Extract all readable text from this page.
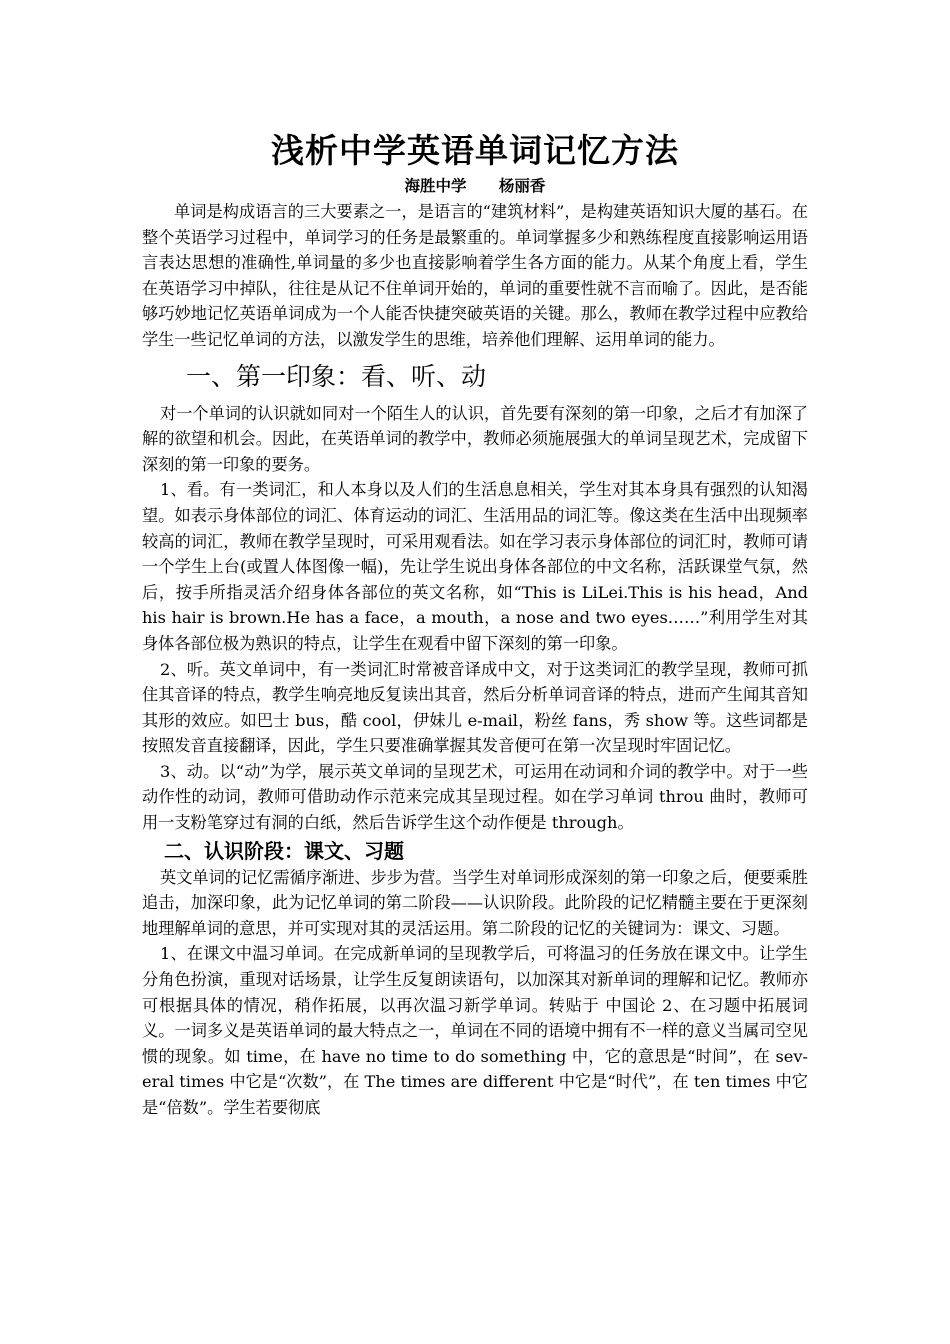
浅析中学英语单词记忆方法

海胜中学      杨丽香

单词是构成语言的三大要素之一，是语言的“建筑材料”，是构建英语知识大厦的基石。在整个英语学习过程中，单词学习的任务是最繁重的。单词掌握多少和熟练程度直接影响运用语言表达思想的准确性,单词量的多少也直接影响着学生各方面的能力。从某个角度上看，学生在英语学习中掉队，往往是从记不住单词开始的，单词的重要性就不言而喻了。因此，是否能够巧妙地记忆英语单词成为一个人能否快捷突破英语的关键。那么，教师在教学过程中应教给学生一些记忆单词的方法，以激发学生的思维，培养他们理解、运用单词的能力。

一、第一印象：看、听、动

对一个单词的认识就如同对一个陌生人的认识，首先要有深刻的第一印象，之后才有加深了解的欲望和机会。因此，在英语单词的教学中，教师必须施展强大的单词呈现艺术，完成留下深刻的第一印象的要务。

1、看。有一类词汇，和人本身以及人们的生活息息相关，学生对其本身具有强烈的认知渴望。如表示身体部位的词汇、体育运动的词汇、生活用品的词汇等。像这类在生活中出现频率较高的词汇，教师在教学呈现时，可采用观看法。如在学习表示身体部位的词汇时，教师可请一个学生上台(或置人体图像一幅)，先让学生说出身体各部位的中文名称，活跃课堂气氛，然后，按手所指灵活介绍身体各部位的英文名称，如“This is LiLei.This is his head，And his hair is brown.He has a face，a mouth，a nose and two eyes……”利用学生对其身体各部位极为熟识的特点，让学生在观看中留下深刻的第一印象。

2、听。英文单词中，有一类词汇时常被音译成中文，对于这类词汇的教学呈现，教师可抓住其音译的特点，教学生响亮地反复读出其音，然后分析单词音译的特点，进而产生闻其音知其形的效应。如巴士 bus，酷 cool，伊妹儿 e-mail，粉丝 fans，秀 show 等。这些词都是按照发音直接翻译，因此，学生只要准确掌握其发音便可在第一次呈现时牢固记忆。

3、动。以“动”为学，展示英文单词的呈现艺术，可运用在动词和介词的教学中。对于一些动作性的动词，教师可借助动作示范来完成其呈现过程。如在学习单词 throu 曲时，教师可用一支粉笔穿过有洞的白纸，然后告诉学生这个动作便是 through。

二、认识阶段：课文、习题

英文单词的记忆需循序渐进、步步为营。当学生对单词形成深刻的第一印象之后，便要乘胜追击，加深印象，此为记忆单词的第二阶段——认识阶段。此阶段的记忆精髓主要在于更深刻地理解单词的意思，并可实现对其的灵活运用。第二阶段的记忆的关键词为：课文、习题。

1、在课文中温习单词。在完成新单词的呈现教学后，可将温习的任务放在课文中。让学生分角色扮演，重现对话场景，让学生反复朗读语句，以加深其对新单词的理解和记忆。教师亦可根据具体的情况，稍作拓展，以再次温习新学单词。转贴于 中国论 2、在习题中拓展词义。一词多义是英语单词的最大特点之一，单词在不同的语境中拥有不一样的意义当属司空见惯的现象。如 time，在 have no time to do something 中，它的意思是“时间”，在 sev-eral times 中它是“次数”，在 The times are different 中它是“时代”，在 ten times 中它是“倍数”。学生若要彻底
